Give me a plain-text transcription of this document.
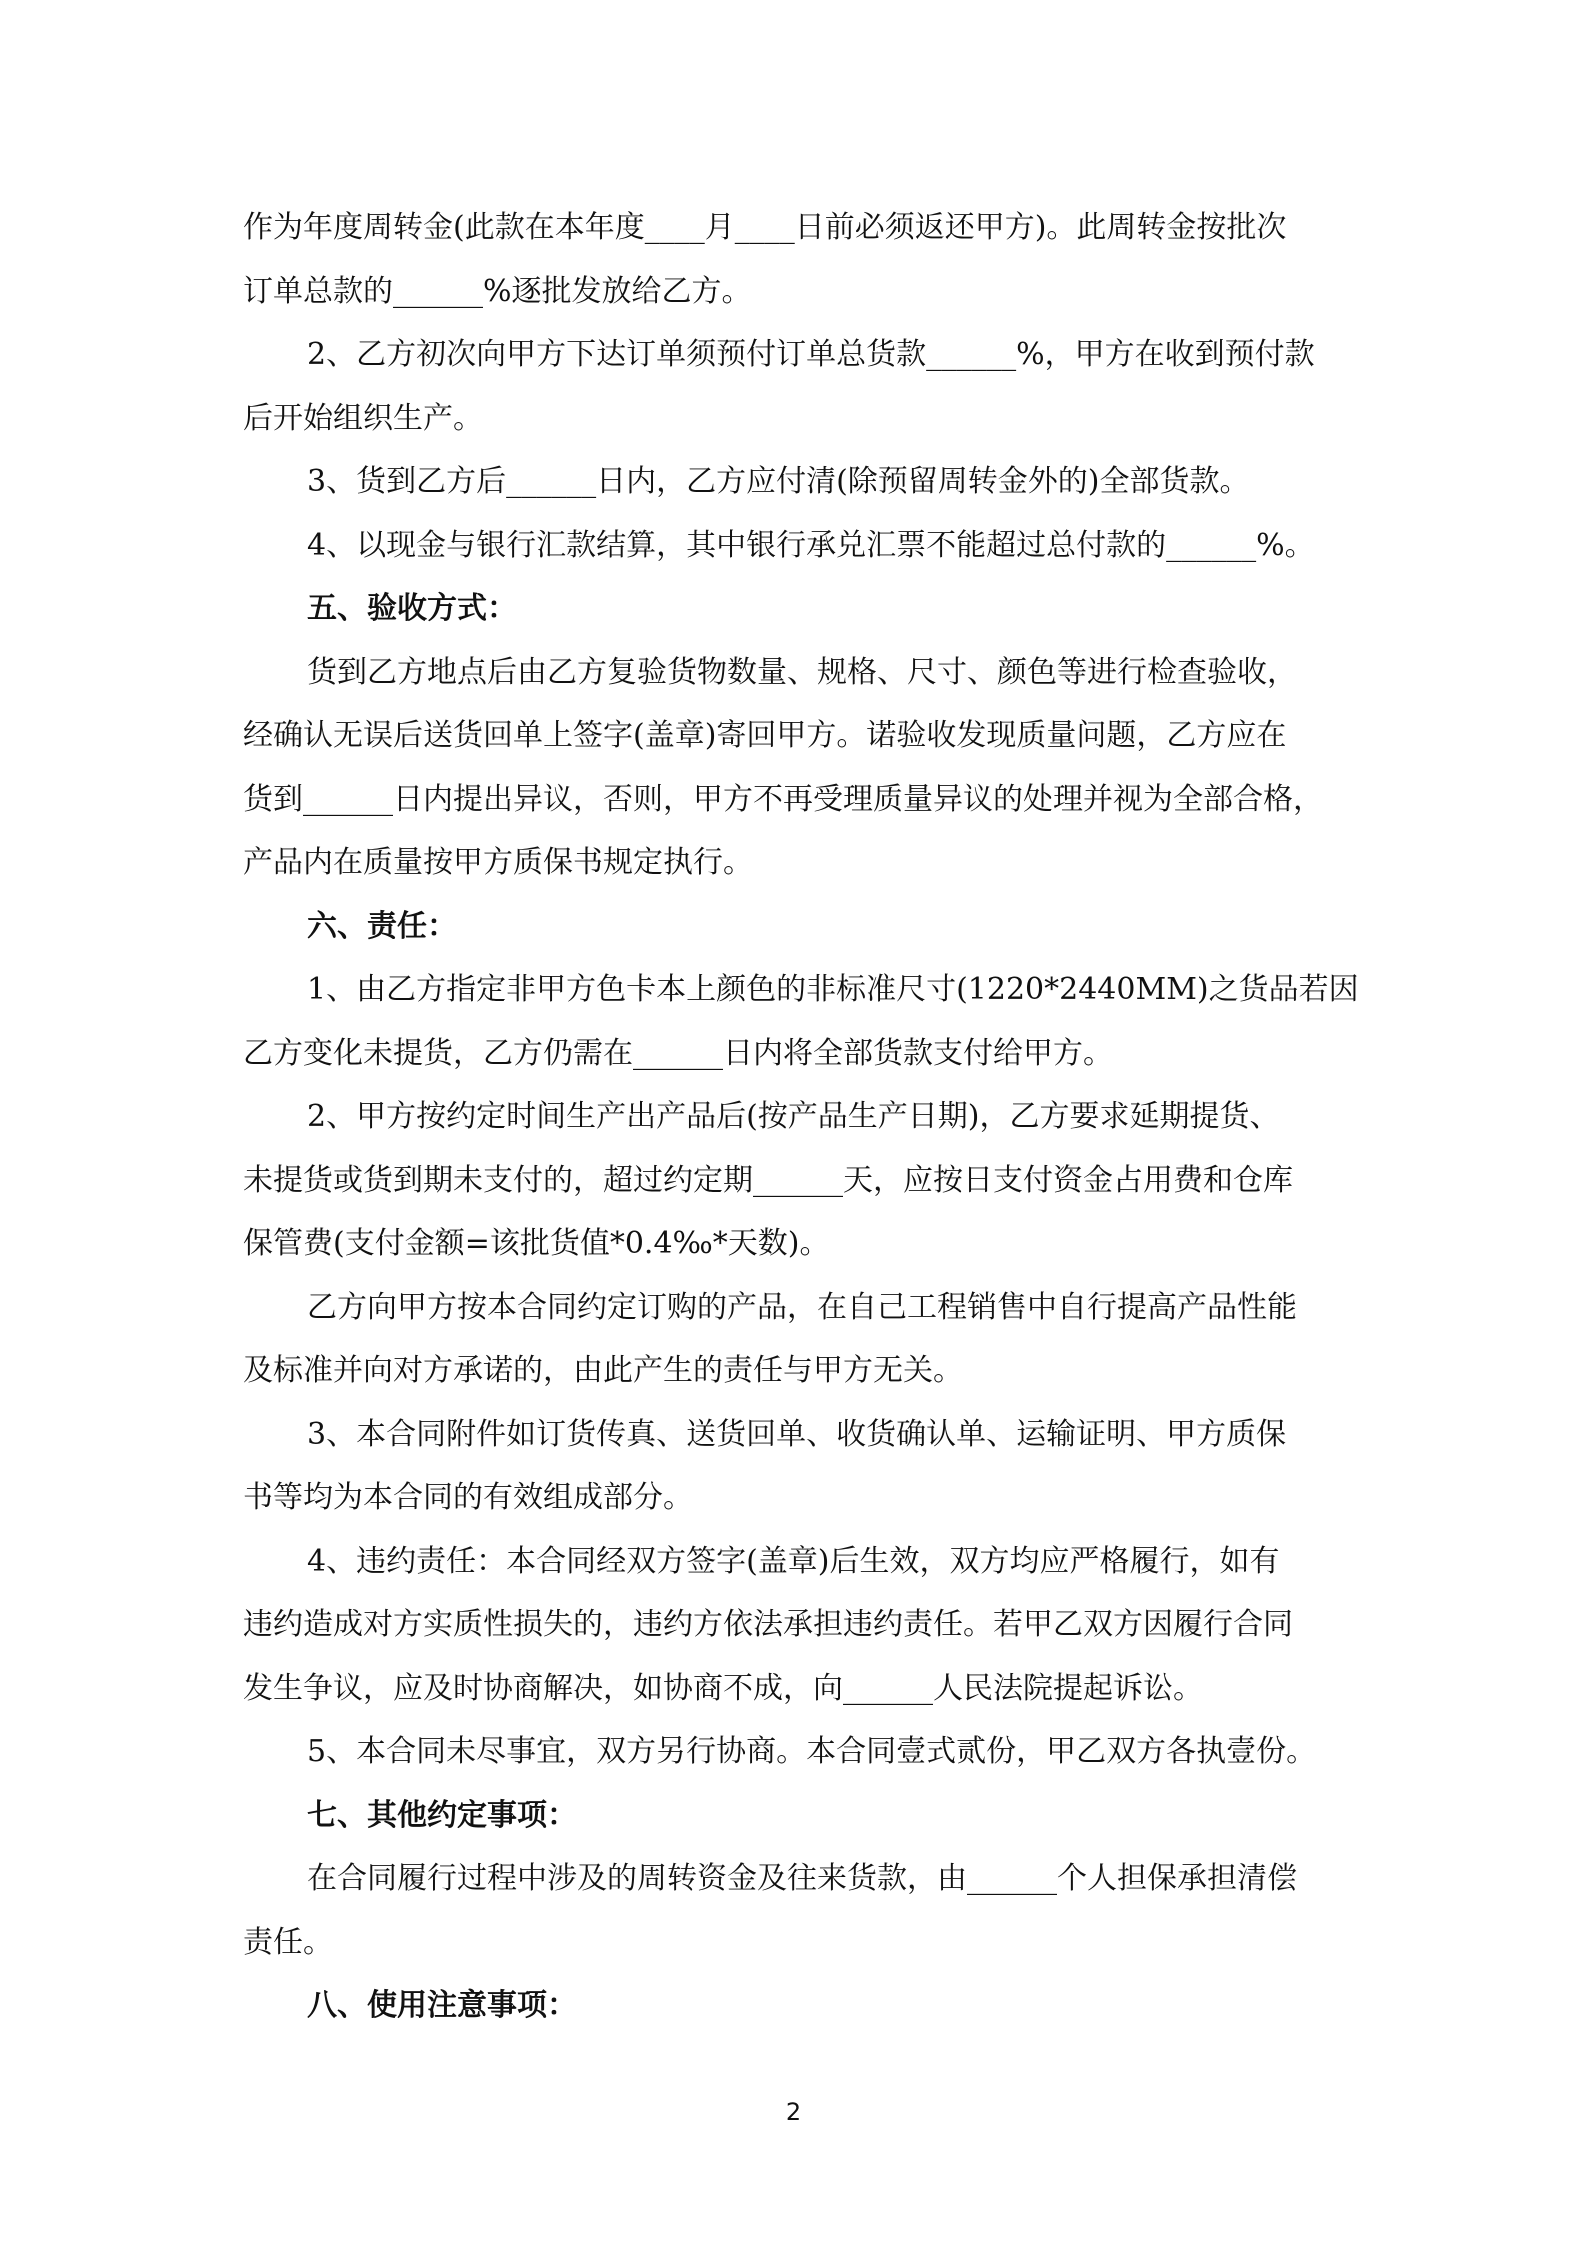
作为年度周转金(此款在本年度____月____日前必须返还甲方)。此周转金按批次
订单总款的______%逐批发放给乙方。
2、乙方初次向甲方下达订单须预付订单总货款______%，甲方在收到预付款
后开始组织生产。
3、货到乙方后______日内，乙方应付清(除预留周转金外的)全部货款。
4、以现金与银行汇款结算，其中银行承兑汇票不能超过总付款的______%。
五、验收方式：
货到乙方地点后由乙方复验货物数量、规格、尺寸、颜色等进行检查验收，
经确认无误后送货回单上签字(盖章)寄回甲方。诺验收发现质量问题，乙方应在
货到______日内提出异议，否则，甲方不再受理质量异议的处理并视为全部合格，
产品内在质量按甲方质保书规定执行。
六、责任：
1、由乙方指定非甲方色卡本上颜色的非标准尺寸(1220*2440MM)之货品若因
乙方变化未提货，乙方仍需在______日内将全部货款支付给甲方。
2、甲方按约定时间生产出产品后(按产品生产日期)，乙方要求延期提货、
未提货或货到期未支付的，超过约定期______天，应按日支付资金占用费和仓库
保管费(支付金额=该批货值*0.4‰*天数)。
乙方向甲方按本合同约定订购的产品，在自己工程销售中自行提高产品性能
及标准并向对方承诺的，由此产生的责任与甲方无关。
3、本合同附件如订货传真、送货回单、收货确认单、运输证明、甲方质保
书等均为本合同的有效组成部分。
4、违约责任：本合同经双方签字(盖章)后生效，双方均应严格履行，如有
违约造成对方实质性损失的，违约方依法承担违约责任。若甲乙双方因履行合同
发生争议，应及时协商解决，如协商不成，向______人民法院提起诉讼。
5、本合同未尽事宜，双方另行协商。本合同壹式贰份，甲乙双方各执壹份。
七、其他约定事项：
在合同履行过程中涉及的周转资金及往来货款，由______个人担保承担清偿
责任。
八、使用注意事项：
2
